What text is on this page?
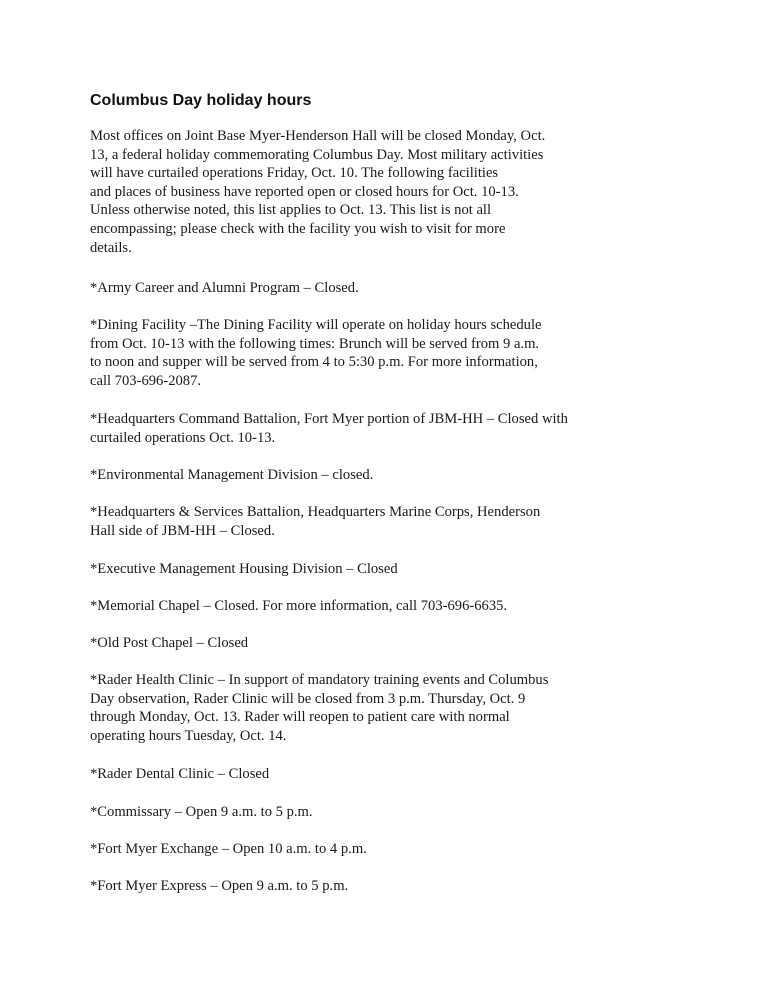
Columbus Day holiday hours

Most offices on Joint Base Myer-Henderson Hall will be closed Monday, Oct.
13, a federal holiday commemorating Columbus Day. Most military activities
will have curtailed operations Friday, Oct. 10. The following facilities
and places of business have reported open or closed hours for Oct. 10-13.
Unless otherwise noted, this list applies to Oct. 13. This list is not all
encompassing; please check with the facility you wish to visit for more
details.

*Army Career and Alumni Program – Closed.

*Dining Facility –The Dining Facility will operate on holiday hours schedule
from Oct. 10-13 with the following times: Brunch will be served from 9 a.m.
to noon and supper will be served from 4 to 5:30 p.m. For more information,
call 703-696-2087.

*Headquarters Command Battalion, Fort Myer portion of JBM-HH – Closed with
curtailed operations Oct. 10-13.

*Environmental Management Division – closed.

*Headquarters & Services Battalion, Headquarters Marine Corps, Henderson
Hall side of JBM-HH – Closed.

*Executive Management Housing Division – Closed

*Memorial Chapel – Closed. For more information, call 703-696-6635.

*Old Post Chapel – Closed

*Rader Health Clinic – In support of mandatory training events and Columbus
Day observation, Rader Clinic will be closed from 3 p.m. Thursday, Oct. 9
through Monday, Oct. 13. Rader will reopen to patient care with normal
operating hours Tuesday, Oct. 14.

*Rader Dental Clinic – Closed

*Commissary – Open 9 a.m. to 5 p.m.

*Fort Myer Exchange – Open 10 a.m. to 4 p.m.

*Fort Myer Express – Open 9 a.m. to 5 p.m.
